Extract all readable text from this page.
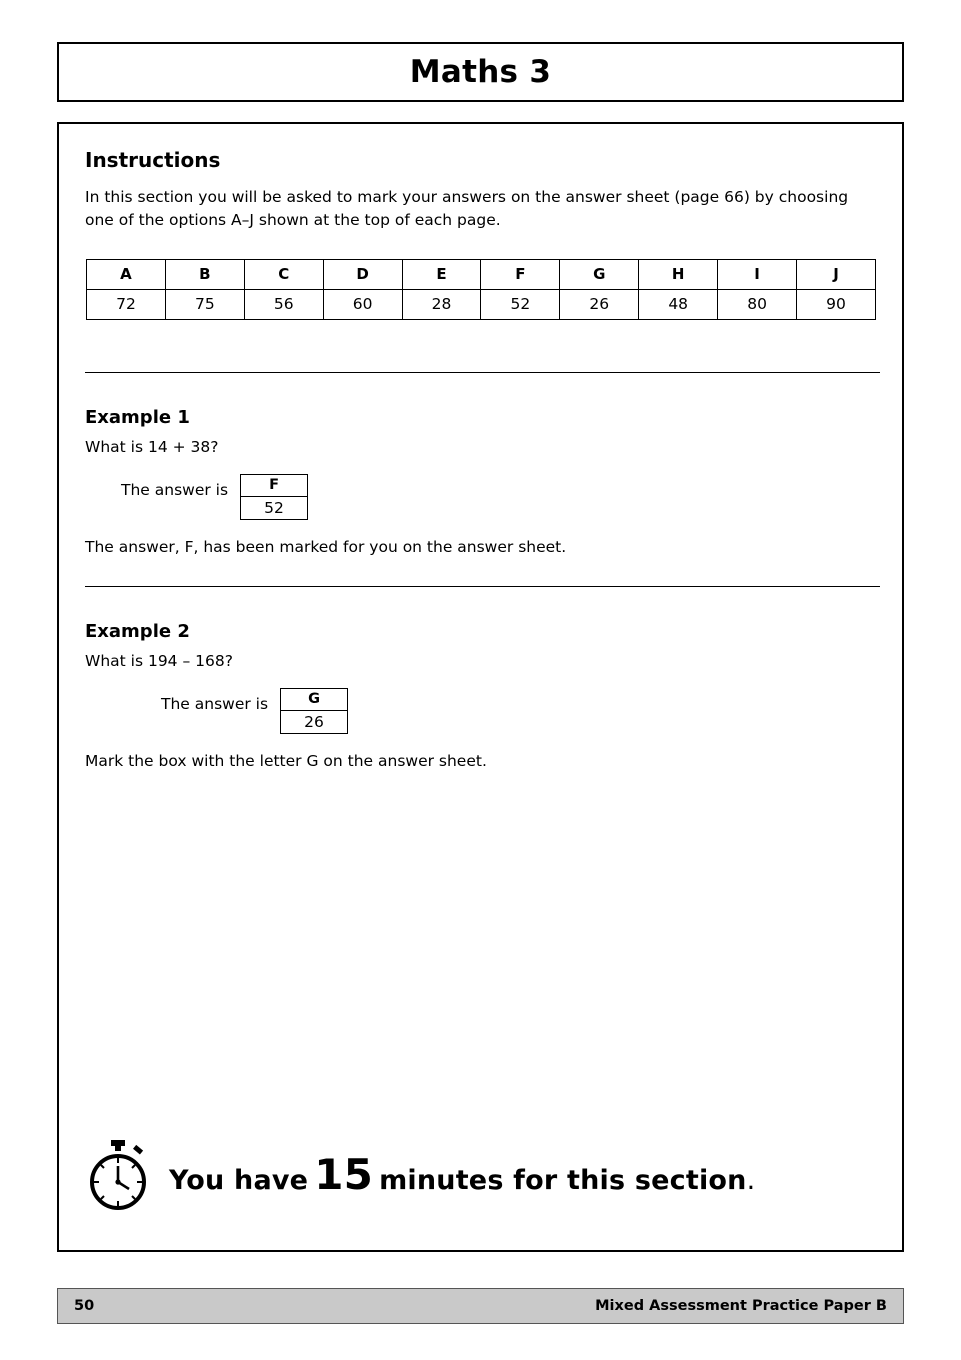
Maths 3
Instructions

In this section you will be asked to mark your answers on the answer sheet (page 66) by choosing one of the options A–J shown at the top of each page.

A	B	C	D	E	F	G	H	I	J
72	75	56	60	28	52	26	48	80	90
Example 1

What is 14 + 38?

The answer is	F
52

The answer, F, has been marked for you on the answer sheet.

Example 2

What is 194 – 168?

The answer is	G
26

Mark the box with the letter G on the answer sheet.

You have 15 minutes for this section .
50	Mixed Assessment Practice Paper B
